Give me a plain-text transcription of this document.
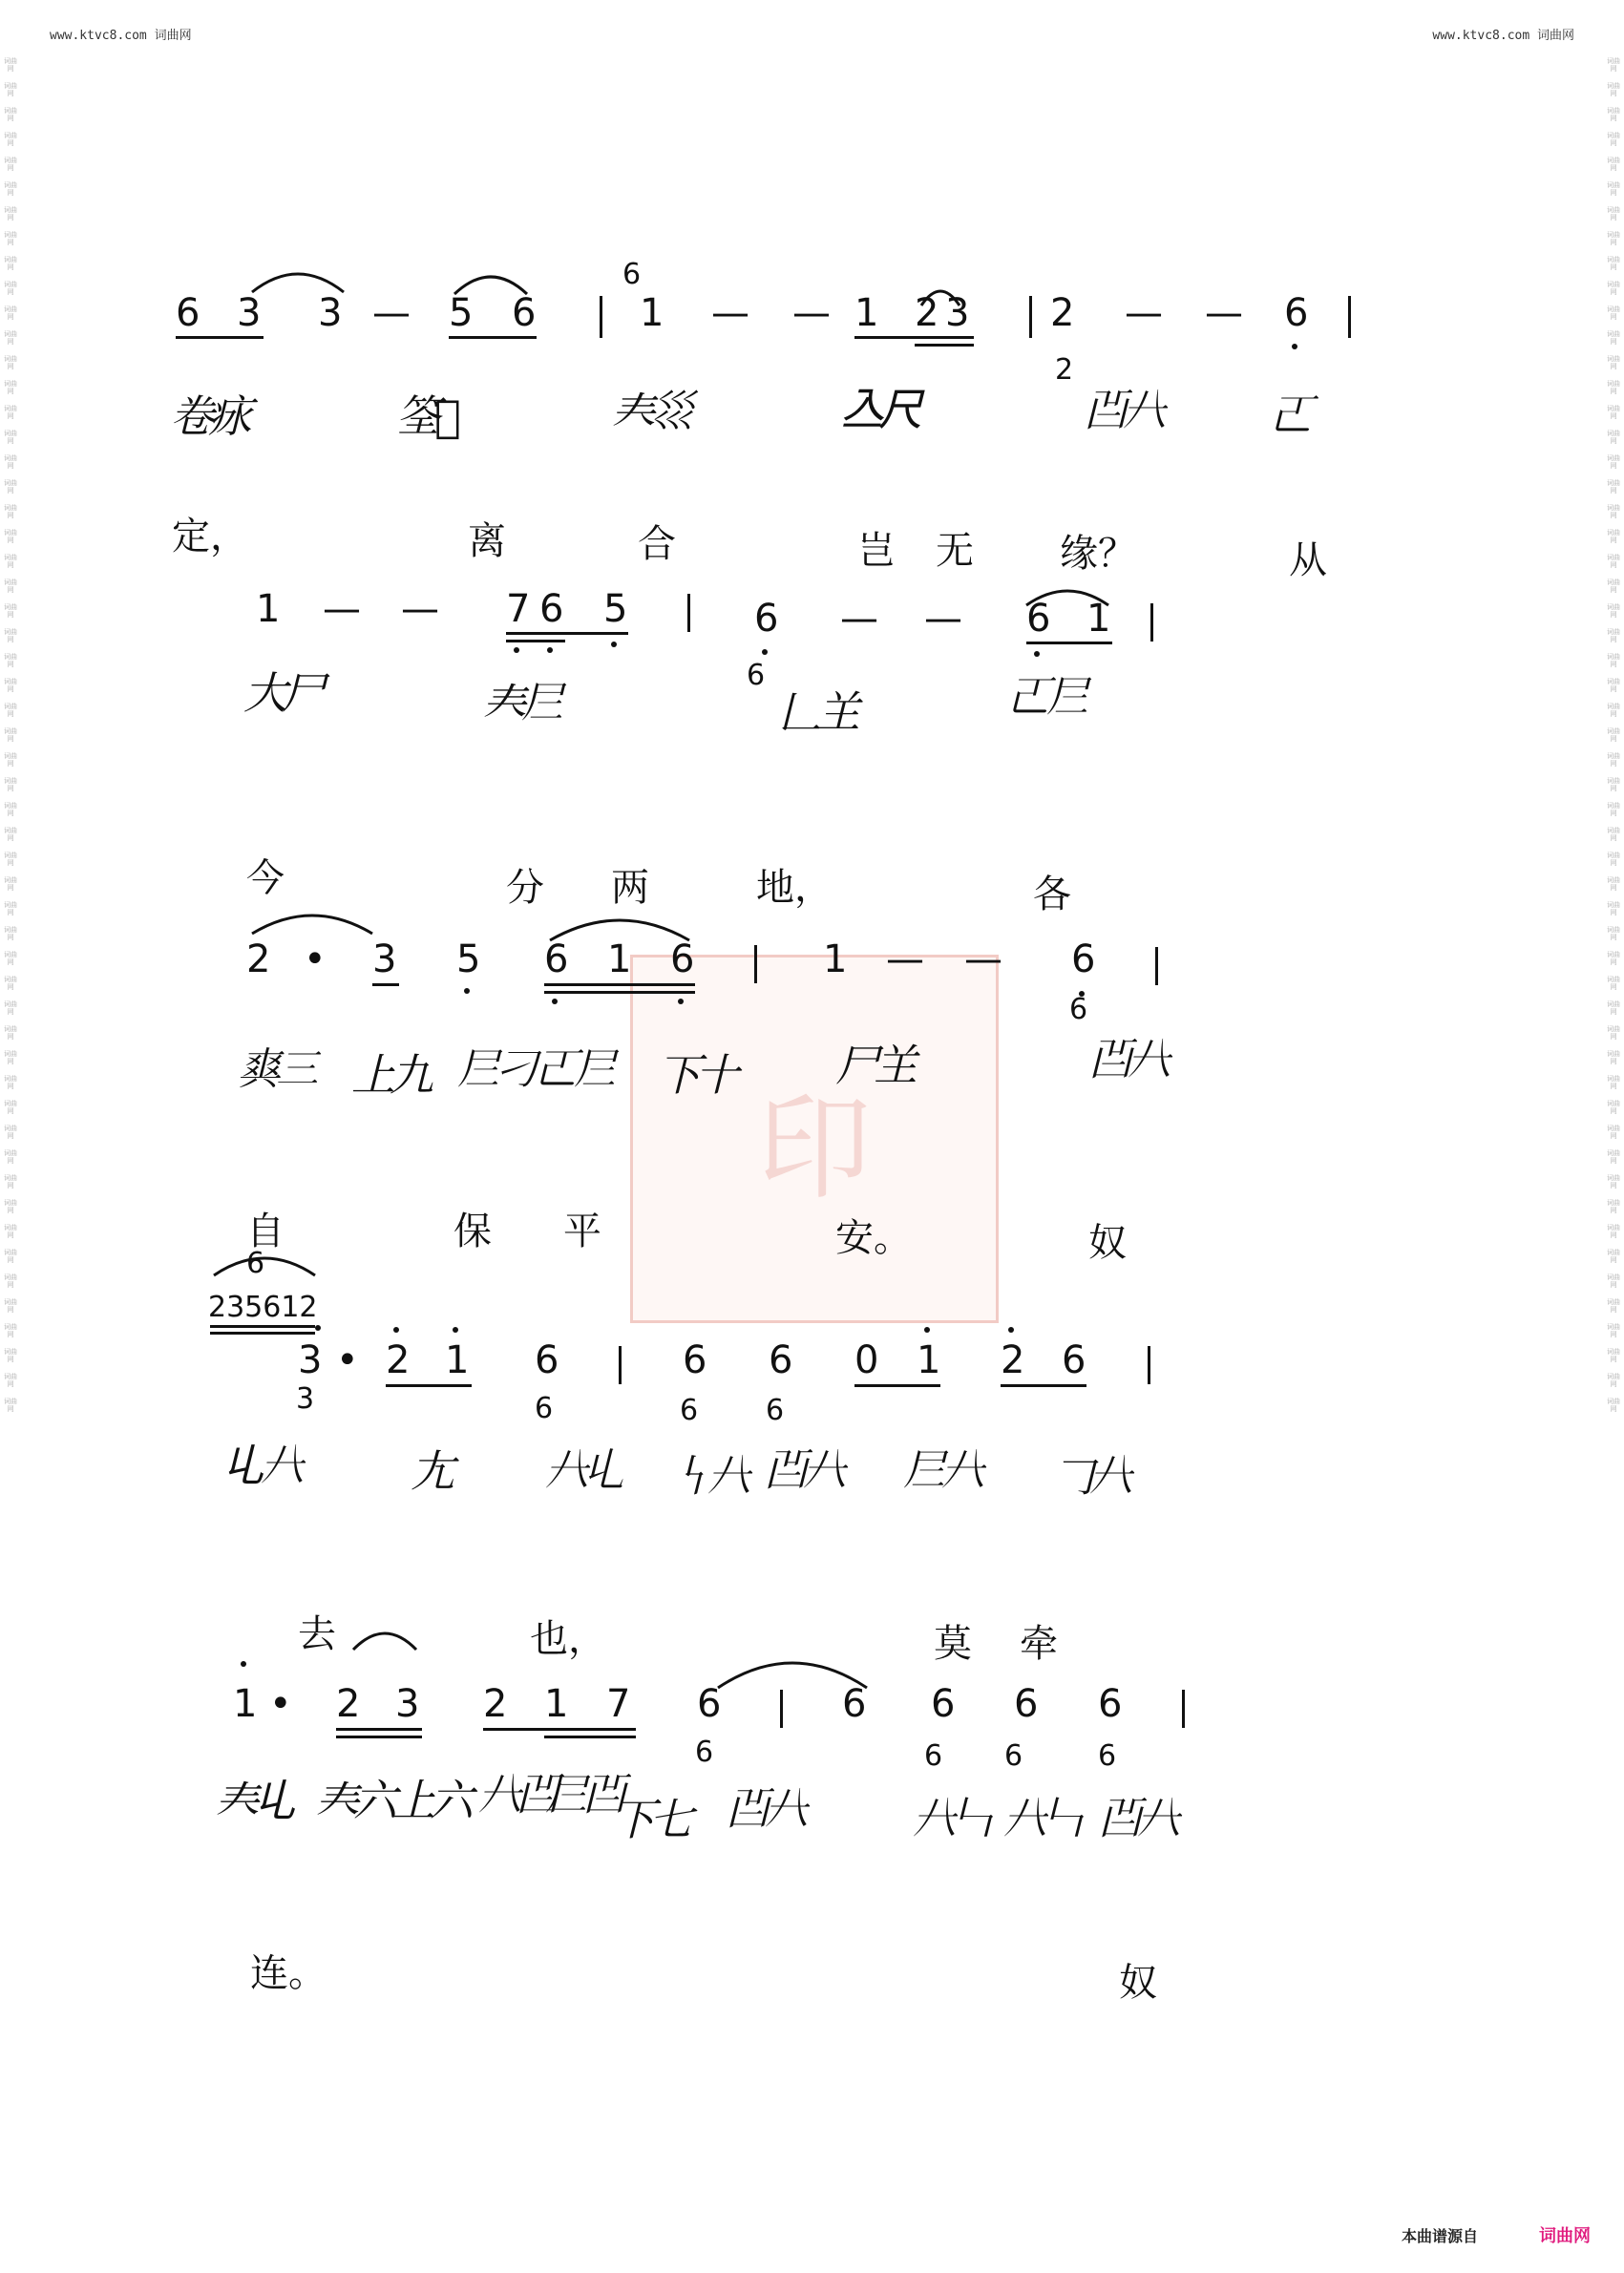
www.ktvc8.com 词曲网	www.ktvc8.com 词曲网
词曲网
词曲网
词曲网
词曲网
词曲网
词曲网
词曲网
词曲网
词曲网
词曲网
词曲网
词曲网
词曲网
词曲网
词曲网
词曲网
词曲网
词曲网
词曲网
词曲网
词曲网
词曲网
词曲网
词曲网
词曲网
词曲网
词曲网
词曲网
词曲网
词曲网
词曲网
词曲网
词曲网
词曲网
词曲网
词曲网
词曲网
词曲网
词曲网
词曲网
词曲网
词曲网
词曲网
词曲网
词曲网
词曲网
词曲网
词曲网
词曲网
词曲网
词曲网
词曲网
词曲网
词曲网
词曲网
词曲网
词曲网
词曲网
词曲网
词曲网
词曲网
词曲网
词曲网
词曲网
词曲网
词曲网
词曲网
词曲网
词曲网
词曲网
词曲网
词曲网
词曲网
词曲网
词曲网
词曲网
词曲网
词曲网
词曲网
词曲网
词曲网
词曲网
词曲网
词曲网
词曲网
词曲网
词曲网
词曲网
词曲网
词曲网
词曲网
词曲网
词曲网
词曲网
词曲网
词曲网
词曲网
词曲网
词曲网
词曲网
词曲网
词曲网
词曲网
词曲网
词曲网
词曲网
词曲网
词曲网
词曲网
词曲网
印
6 3 3 — 5 6
6
1 — — 1 2 3 2 — — 6
2
卷㽷	筌𢇂	𡗗𡿭	𠓛尺	𠙿𠔀	𠀀
定，	离	合	岂 无 缘？	从
1 — — 7 6 5	6 — — 6 1
6
大尸	𡗗𡰥	𠃊𦍌	𠀀𡰥
今	分 两	地，	各
2 • 3 5 6 1 6	1 — — 6
6
𤕤三 上九 𡰥刁 𠀀𡰥 下十 尸𦍌	𠙿𠔀
自	保 平	安。	奴
6
235612
3 • 2 1 6	6 6 0 1 2 6
3	6	6 6
𠃏𠔀	𡯁 𠔀𠃏 𠃑𠔀 𠙿𠔀 𡰥𠔀 𠃌𠔀
去	也，	莫 牵
1 • 2 3 2 1 7 6	6 6 6 6
6	6 6	6
𡗗𠃏 𡗗六 上六 𠔀𠙿
𡰥𠙿
下七 𠙿𠔀	𠔀𠃑 𠔀𠃑 𠙿𠔀
连。	奴
本曲谱源自	词曲网
